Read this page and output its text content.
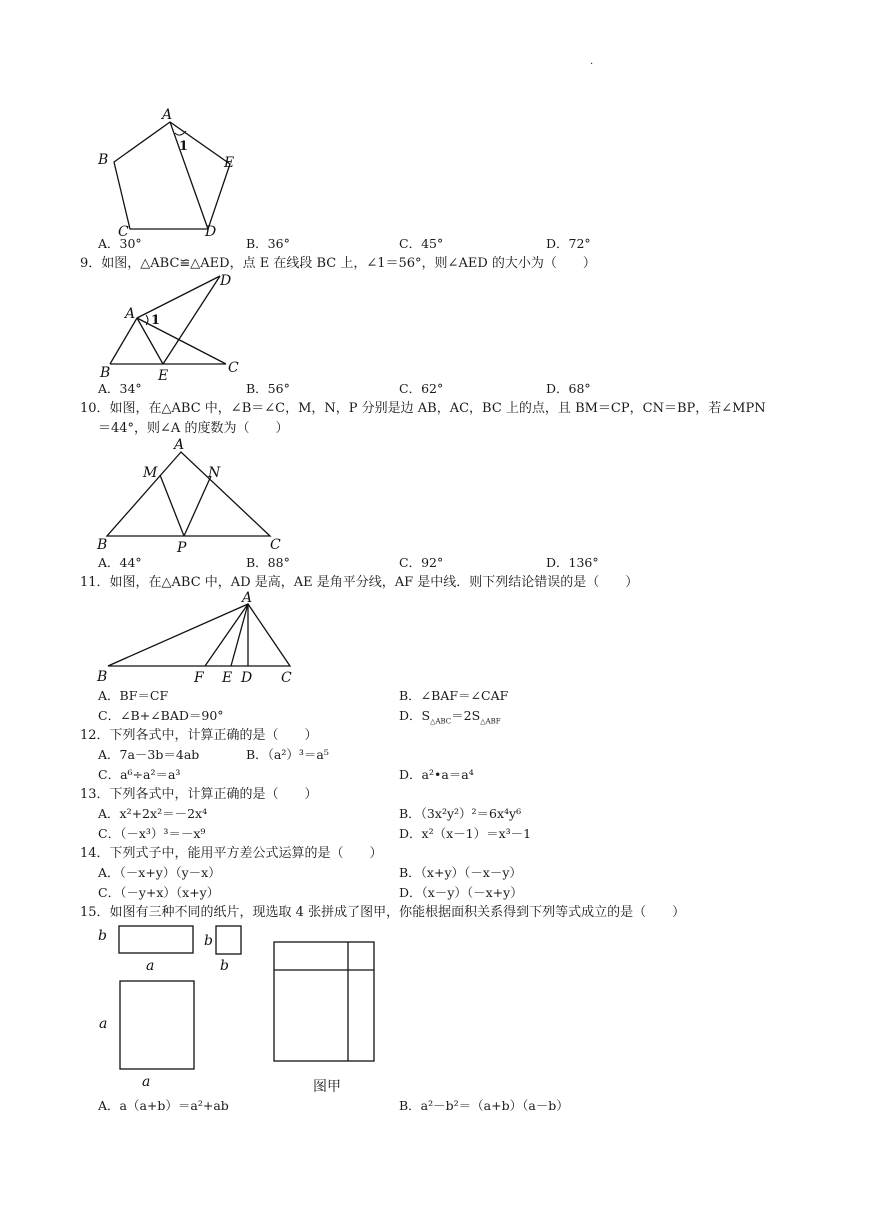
.
A
B	E
C	D
1
A．30°	B．36°	C．45°	D．72°
9．如图，△ABC≌△AED，点 E 在线段 BC 上，∠1＝56°，则∠AED 的大小为（　　）
A
D
B	E	C
1
A．34°	B．56°	C．62°	D．68°
10．如图，在△ABC 中，∠B＝∠C，M，N，P 分别是边 AB，AC，BC 上的点，且 BM＝CP，CN＝BP，若∠MPN
＝44°，则∠A 的度数为（　　）
A
M	N
B	P	C
A．44°	B．88°	C．92°	D．136°
11．如图，在△ABC 中，AD 是高，AE 是角平分线，AF 是中线．则下列结论错误的是（　　）
A
B	F E D C
A．BF＝CF	B．∠BAF＝∠CAF
C．∠B+∠BAD＝90°	D．$S_{\triangle ABC}=2S_{\triangle ABF}$
12．下列各式中，计算正确的是（　　）
A．7a－3b＝4ab	B．（a²）³＝a⁵
C．a⁶÷a²＝a³	D．a²•a＝a⁴
13．下列各式中，计算正确的是（　　）
A．x²+2x²＝－2x⁴	B．（3x²y²）²＝6x⁴y⁶
C．（－x³）³＝－x⁹	D．x²（x－1）＝x³－1
14．下列式子中，能用平方差公式运算的是（　　）
A．（－x+y）（y－x）	B．（x+y）（－x－y）
C．（－y+x）（x+y）	D．（x－y）（－x+y）
15．如图有三种不同的纸片，现选取 4 张拼成了图甲，你能根据面积关系得到下列等式成立的是（　　）
b
a
b
b
a
a	图甲
A．a（a+b）＝a²+ab	B．a²－b²＝（a+b）（a－b）
